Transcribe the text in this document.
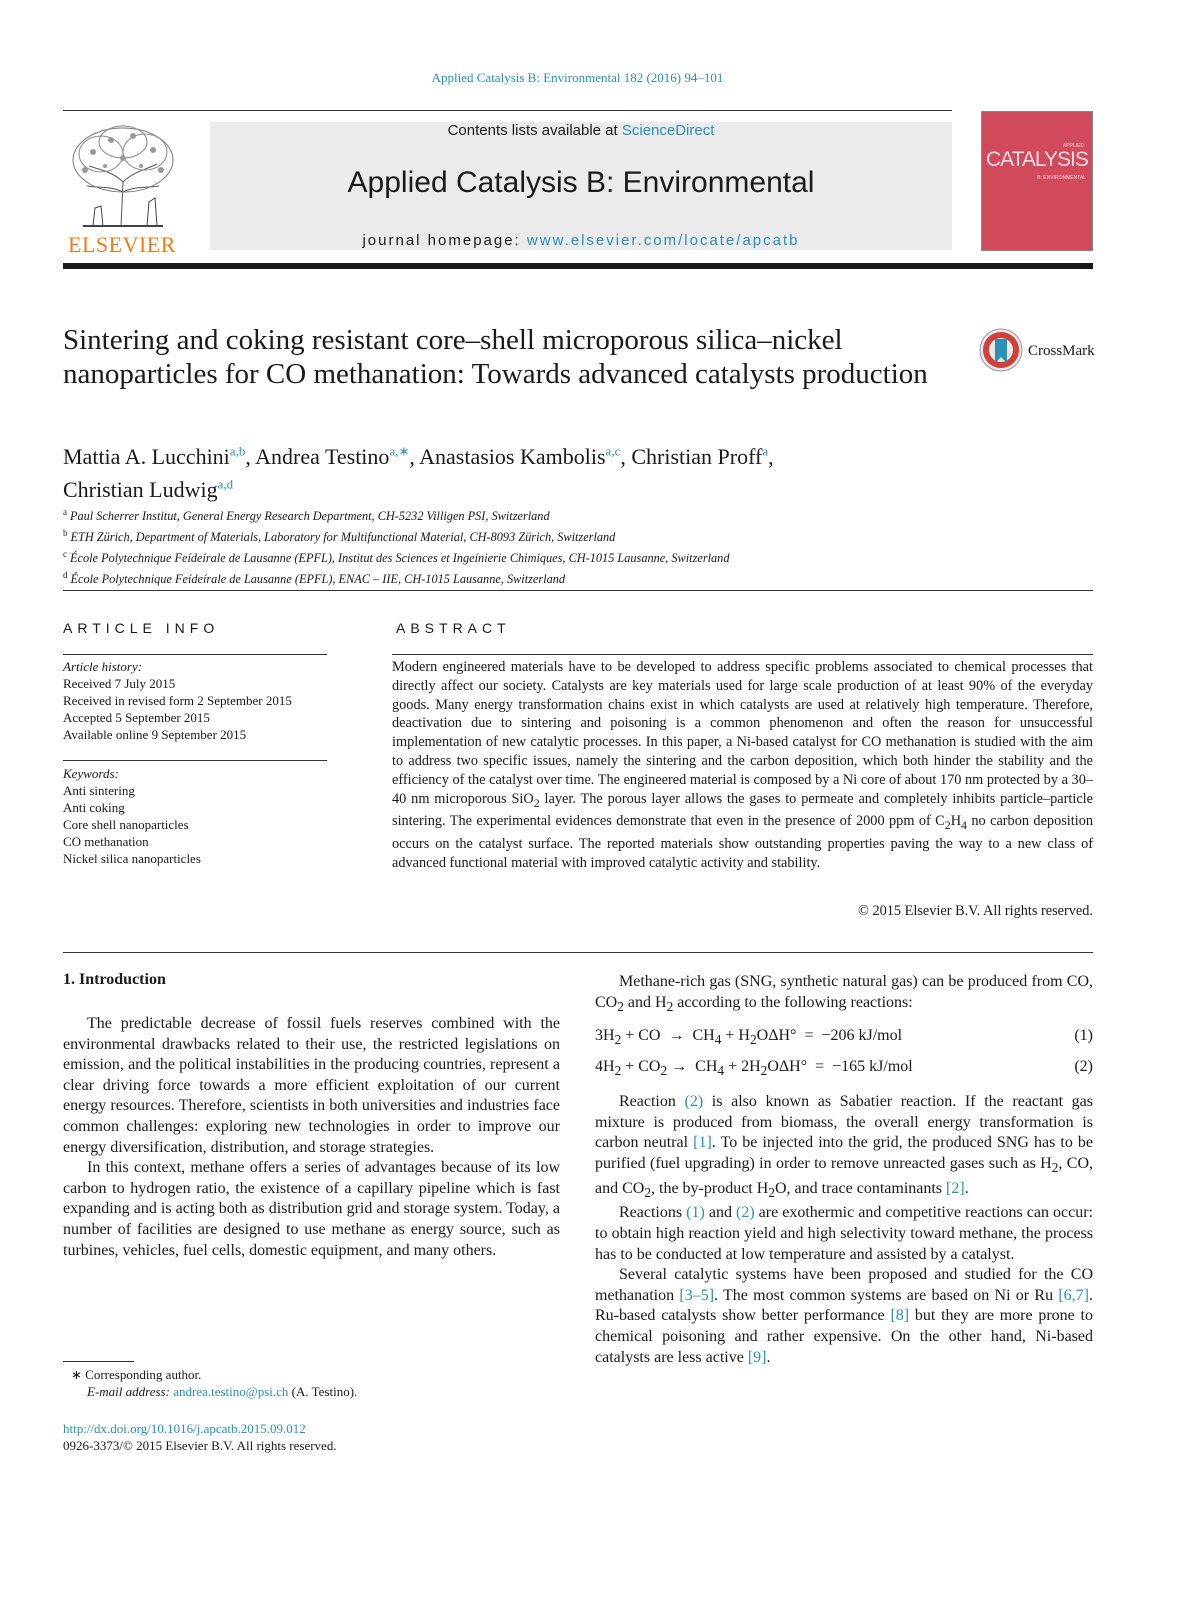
Applied Catalysis B: Environmental 182 (2016) 94–101
ELSEVIER
Contents lists available at ScienceDirect
Applied Catalysis B: Environmental
journal homepage: www.elsevier.com/locate/apcatb
APPLIED
CATALYSIS
B: ENVIRONMENTAL
Sintering and coking resistant core–shell microporous silica–nickel nanoparticles for CO methanation: Towards advanced catalysts production
CrossMark
Mattia A. Lucchini$^{a,b}$, Andrea Testino$^{a,∗}$, Anastasios Kambolis$^{a,c}$, Christian Proff$^a$,
Christian Ludwig$^{a,d}$
$^a$ Paul Scherrer Institut, General Energy Research Department, CH-5232 Villigen PSI, Switzerland
$^b$ ETH Zürich, Department of Materials, Laboratory for Multifunctional Material, CH-8093 Zürich, Switzerland
$^c$ École Polytechnique Feídeírale de Lausanne (EPFL), Institut des Sciences et Ingeínierie Chimiques, CH-1015 Lausanne, Switzerland
$^d$ École Polytechnique Feídeírale de Lausanne (EPFL), ENAC – IIE, CH-1015 Lausanne, Switzerland
ARTICLE INFO	ABSTRACT
Article history:
Received 7 July 2015
Received in revised form 2 September 2015
Accepted 5 September 2015
Available online 9 September 2015
Keywords:
Anti sintering
Anti coking
Core shell nanoparticles
CO methanation
Nickel silica nanoparticles
Modern engineered materials have to be developed to address specific problems associated to chemical processes that directly affect our society. Catalysts are key materials used for large scale production of at least 90% of the everyday goods. Many energy transformation chains exist in which catalysts are used at relatively high temperature. Therefore, deactivation due to sintering and poisoning is a common phenomenon and often the reason for unsuccessful implementation of new catalytic processes. In this paper, a Ni-based catalyst for CO methanation is studied with the aim to address two specific issues, namely the sintering and the carbon deposition, which both hinder the stability and the efficiency of the catalyst over time. The engineered material is composed by a Ni core of about 170 nm protected by a 30–40 nm microporous SiO$_2$ layer. The porous layer allows the gases to permeate and completely inhibits particle–particle sintering. The experimental evidences demonstrate that even in the presence of 2000 ppm of $C_2H_4$ no carbon deposition occurs on the catalyst surface. The reported materials show outstanding properties paving the way to a new class of advanced functional material with improved catalytic activity and stability.
© 2015 Elsevier B.V. All rights reserved.
1. Introduction

The predictable decrease of fossil fuels reserves combined with the environmental drawbacks related to their use, the restricted legislations on emission, and the political instabilities in the producing countries, represent a clear driving force towards a more efficient exploitation of our current energy resources. Therefore, scientists in both universities and industries face common challenges: exploring new technologies in order to improve our energy diversification, distribution, and storage strategies.

In this context, methane offers a series of advantages because of its low carbon to hydrogen ratio, the existence of a capillary pipeline which is fast expanding and is acting both as distribution grid and storage system. Today, a number of facilities are designed to use methane as energy source, such as turbines, vehicles, fuel cells, domestic equipment, and many others.

Methane-rich gas (SNG, synthetic natural gas) can be produced from CO, $CO_2$ and $H_2$ according to the following reactions:

$3H_2$ + CO  →  $CH_4 + H_2O\Delta H^\circ = -206$ kJ/mol	(1)
$4H_2 + CO_2 \to CH_4 + 2H_2O\Delta H^\circ = -165$ kJ/mol	(2)

Reaction (2) is also known as Sabatier reaction. If the reactant gas mixture is produced from biomass, the overall energy transformation is carbon neutral [1]. To be injected into the grid, the produced SNG has to be purified (fuel upgrading) in order to remove unreacted gases such as $H_2$, CO, and $CO_2$, the by-product $H_2O$, and trace contaminants [2].

Reactions (1) and (2) are exothermic and competitive reactions can occur: to obtain high reaction yield and high selectivity toward methane, the process has to be conducted at low temperature and assisted by a catalyst.

Several catalytic systems have been proposed and studied for the CO methanation [3–5]. The most common systems are based on Ni or Ru [6,7]. Ru-based catalysts show better performance [8] but they are more prone to chemical poisoning and rather expensive. On the other hand, Ni-based catalysts are less active [9].

∗ Corresponding author.
E-mail address: andrea.testino@psi.ch (A. Testino).
http://dx.doi.org/10.1016/j.apcatb.2015.09.012
0926-3373/© 2015 Elsevier B.V. All rights reserved.
